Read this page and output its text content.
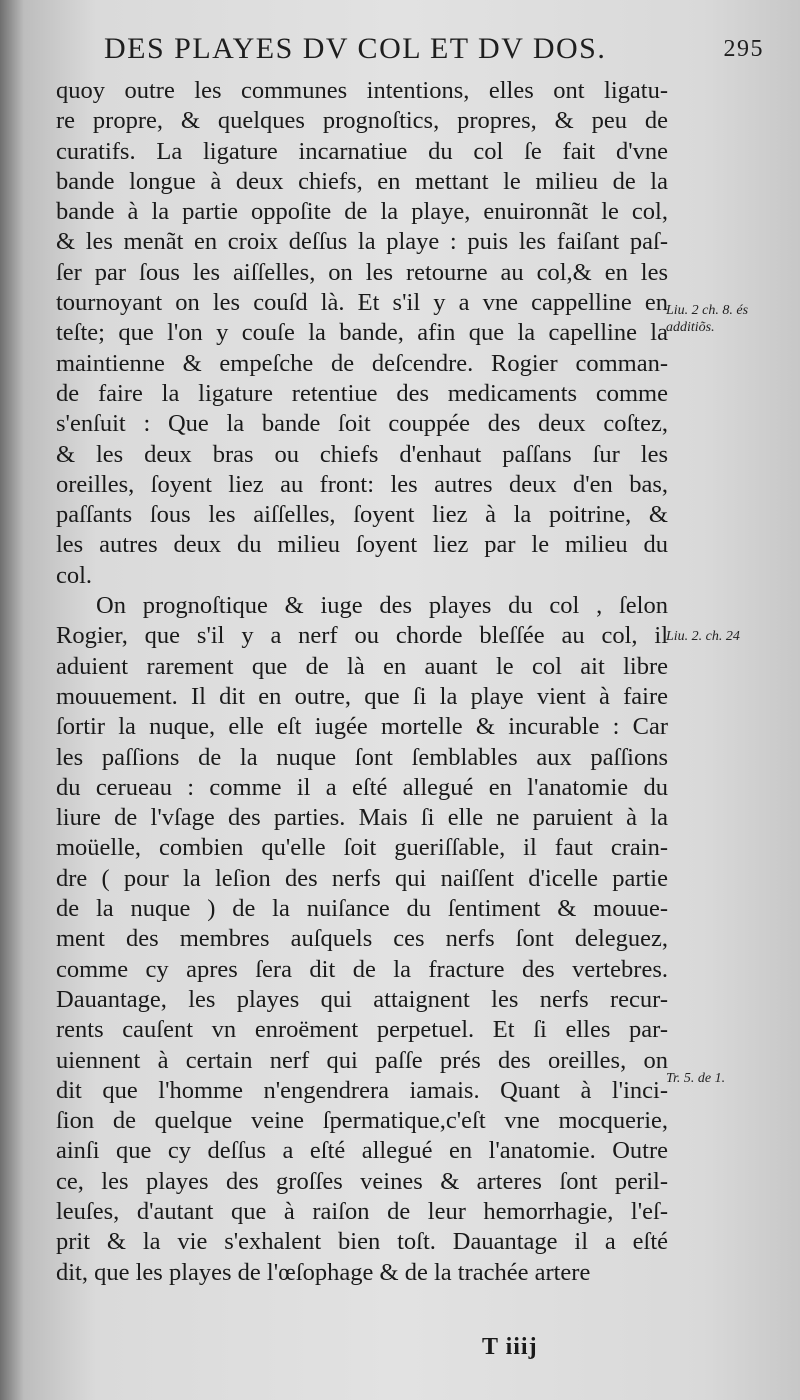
DES PLAYES DV COL ET DV DOS.	295
quoy outre les communes intentions, elles ont ligatu-
re propre, & quelques prognoſtics, propres, & peu de
curatifs. La ligature incarnatiue du col ſe fait d'vne
bande longue à deux chiefs, en mettant le milieu de la
bande à la partie oppoſite de la playe, enuironnãt le col,
& les menãt en croix deſſus la playe : puis les faiſant paſ-
ſer par ſous les aiſſelles, on les retourne au col,& en les
tournoyant on les couſd là. Et s'il y a vne cappelline en
teſte; que l'on y couſe la bande, afin que la capelline la
maintienne & empeſche de deſcendre. Rogier comman-
de faire la ligature retentiue des medicaments comme
s'enſuit : Que la bande ſoit couppée des deux coſtez,
& les deux bras ou chiefs d'enhaut paſſans ſur les
oreilles, ſoyent liez au front: les autres deux d'en bas,
paſſants ſous les aiſſelles, ſoyent liez à la poitrine, &
les autres deux du milieu ſoyent liez par le milieu du
col.
On prognoſtique & iuge des playes du col , ſelon
Rogier, que s'il y a nerf ou chorde bleſſée au col, il
aduient rarement que de là en auant le col ait libre
mouuement. Il dit en outre, que ſi la playe vient à faire
ſortir la nuque, elle eſt iugée mortelle & incurable : Car
les paſſions de la nuque ſont ſemblables aux paſſions
du cerueau : comme il a eſté allegué en l'anatomie du
liure de l'vſage des parties. Mais ſi elle ne paruient à la
moüelle, combien qu'elle ſoit gueriſſable, il faut crain-
dre ( pour la leſion des nerfs qui naiſſent d'icelle partie
de la nuque ) de la nuiſance du ſentiment & mouue-
ment des membres auſquels ces nerfs ſont deleguez,
comme cy apres ſera dit de la fracture des vertebres.
Dauantage, les playes qui attaignent les nerfs recur-
rents cauſent vn enroëment perpetuel. Et ſi elles par-
uiennent à certain nerf qui paſſe prés des oreilles, on
dit que l'homme n'engendrera iamais. Quant à l'inci-
ſion de quelque veine ſpermatique,c'eſt vne mocquerie,
ainſi que cy deſſus a eſté allegué en l'anatomie. Outre
ce, les playes des groſſes veines & arteres ſont peril-
leuſes, d'autant que à raiſon de leur hemorrhagie, l'eſ-
prit & la vie s'exhalent bien toſt. Dauantage il a eſté
dit, que les playes de l'œſophage & de la trachée artere
Liu. 2 ch. 8. és additiõs.
Liu. 2. ch. 24
Tr. 5. de 1.
T iiij
